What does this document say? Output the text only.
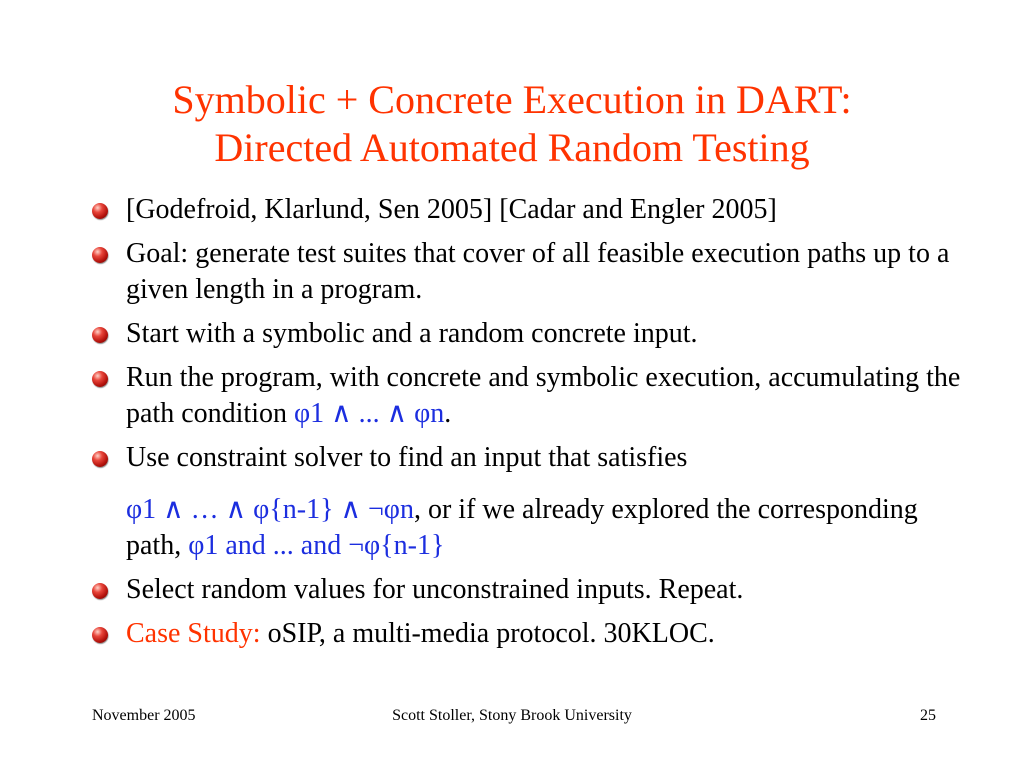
Symbolic + Concrete Execution in DART:
Directed Automated Random Testing
[Godefroid, Klarlund, Sen 2005] [Cadar and Engler 2005]
Goal: generate test suites that cover of all feasible execution paths up to a given length in a program.
Start with a symbolic and a random concrete input.
Run the program, with concrete and symbolic execution, accumulating the path condition φ1 ∧ ... ∧ φn.
Use constraint solver to find an input that satisfies
φ1 ∧ … ∧ φ{n-1} ∧ ¬φn, or if we already explored the corresponding path, φ1 and ... and ¬φ{n-1}
Select random values for unconstrained inputs. Repeat.
Case Study: oSIP, a multi-media protocol. 30KLOC.
November 2005	Scott Stoller, Stony Brook University	25
